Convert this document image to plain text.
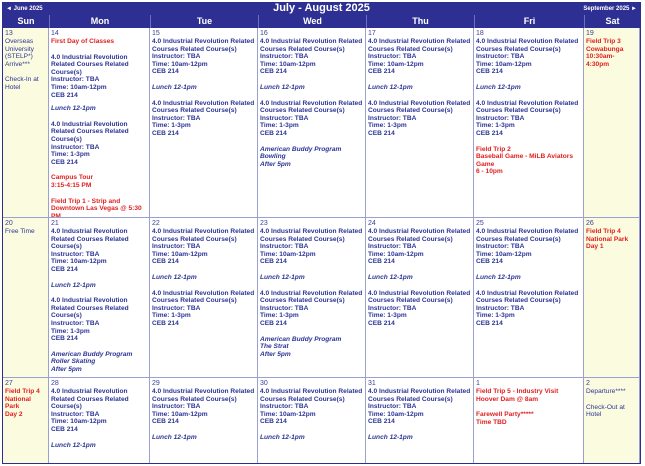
◄ June 2025	July - August 2025	September 2025 ►
Sun	Mon	Tue	Wed	Thu	Fri	Sat
13
Overseas
University
(STELP*)
Arrive***
Check-In at
Hotel
14
First Day of Classes
4.0 Industrial Revolution
Related Courses Related
Course(s)
Instructor: TBA
Time: 10am-12pm
CEB 214
Lunch 12-1pm
4.0 Industrial Revolution
Related Courses Related
Course(s)
Instructor: TBA
Time: 1-3pm
CEB 214
Campus Tour
3:15-4:15 PM
Field Trip 1 - Strip and
Downtown Las Vegas @ 5:30
PM
15
4.0 Industrial Revolution Related
Courses Related Course(s)
Instructor: TBA
Time: 10am-12pm
CEB 214
Lunch 12-1pm
4.0 Industrial Revolution Related
Courses Related Course(s)
Instructor: TBA
Time: 1-3pm
CEB 214
16
4.0 Industrial Revolution Related
Courses Related Course(s)
Instructor: TBA
Time: 10am-12pm
CEB 214
Lunch 12-1pm
4.0 Industrial Revolution Related
Courses Related Course(s)
Instructor: TBA
Time: 1-3pm
CEB 214
American Buddy Program
Bowling
After 5pm
17
4.0 Industrial Revolution Related
Courses Related Course(s)
Instructor: TBA
Time: 10am-12pm
CEB 214
Lunch 12-1pm
4.0 Industrial Revolution Related
Courses Related Course(s)
Instructor: TBA
Time: 1-3pm
CEB 214
18
4.0 Industrial Revolution Related
Courses Related Course(s)
Instructor: TBA
Time: 10am-12pm
CEB 214
Lunch 12-1pm
4.0 Industrial Revolution Related
Courses Related Course(s)
Instructor: TBA
Time: 1-3pm
CEB 214
Field Trip 2
Baseball Game - MiLB Aviators
Game
6 - 10pm
19
Field Trip 3
Cowabunga
10:30am-4:30pm
20
Free Time
21
4.0 Industrial Revolution
Related Courses Related
Course(s)
Instructor: TBA
Time: 10am-12pm
CEB 214
Lunch 12-1pm
4.0 Industrial Revolution
Related Courses Related
Course(s)
Instructor: TBA
Time: 1-3pm
CEB 214
American Buddy Program
Roller Skating
After 5pm
22
4.0 Industrial Revolution Related
Courses Related Course(s)
Instructor: TBA
Time: 10am-12pm
CEB 214
Lunch 12-1pm
4.0 Industrial Revolution Related
Courses Related Course(s)
Instructor: TBA
Time: 1-3pm
CEB 214
23
4.0 Industrial Revolution Related
Courses Related Course(s)
Instructor: TBA
Time: 10am-12pm
CEB 214
Lunch 12-1pm
4.0 Industrial Revolution Related
Courses Related Course(s)
Instructor: TBA
Time: 1-3pm
CEB 214
American Buddy Program
The Strat
After 5pm
24
4.0 Industrial Revolution Related
Courses Related Course(s)
Instructor: TBA
Time: 10am-12pm
CEB 214
Lunch 12-1pm
4.0 Industrial Revolution Related
Courses Related Course(s)
Instructor: TBA
Time: 1-3pm
CEB 214
25
4.0 Industrial Revolution Related
Courses Related Course(s)
Instructor: TBA
Time: 10am-12pm
CEB 214
Lunch 12-1pm
4.0 Industrial Revolution Related
Courses Related Course(s)
Instructor: TBA
Time: 1-3pm
CEB 214
26
Field Trip 4
National Park
Day 1
27
Field Trip 4
National Park
Day 2
28
4.0 Industrial Revolution
Related Courses Related
Course(s)
Instructor: TBA
Time: 10am-12pm
CEB 214
Lunch 12-1pm
29
4.0 Industrial Revolution Related
Courses Related Course(s)
Instructor: TBA
Time: 10am-12pm
CEB 214
Lunch 12-1pm
30
4.0 Industrial Revolution Related
Courses Related Course(s)
Instructor: TBA
Time: 10am-12pm
CEB 214
Lunch 12-1pm
31
4.0 Industrial Revolution Related
Courses Related Course(s)
Instructor: TBA
Time: 10am-12pm
CEB 214
Lunch 12-1pm
1
Field Trip 5 - Industry Visit
Hoover Dam @ 8am
Farewell Party*****
Time TBD
2
Departure****
Check-Out at
Hotel
